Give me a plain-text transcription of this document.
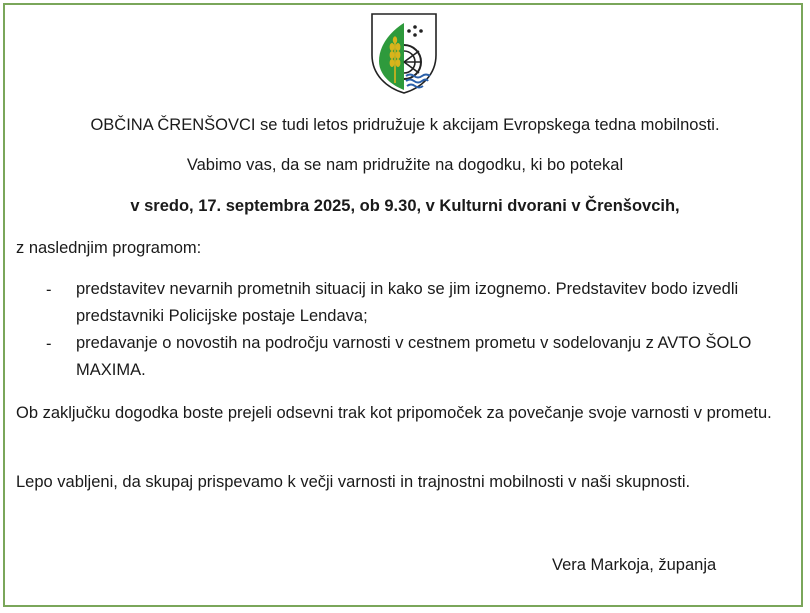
OBČINA ČRENŠOVCI se tudi letos pridružuje k akcijam Evropskega tedna mobilnosti.
Vabimo vas, da se nam pridružite na dogodku, ki bo potekal
v sredo, 17. septembra 2025, ob 9.30, v Kulturni dvorani v Črenšovcih,
z naslednjim programom:
- predstavitev nevarnih prometnih situacij in kako se jim izognemo. Predstavitev bodo izvedli predstavniki Policijske postaje Lendava;
- predavanje o novostih na področju varnosti v cestnem prometu v sodelovanju z AVTO ŠOLO MAXIMA.
Ob zaključku dogodka boste prejeli odsevni trak kot pripomoček za povečanje svoje varnosti v prometu.
Lepo vabljeni, da skupaj prispevamo k večji varnosti in trajnostni mobilnosti v naši skupnosti.
Vera Markoja, županja
